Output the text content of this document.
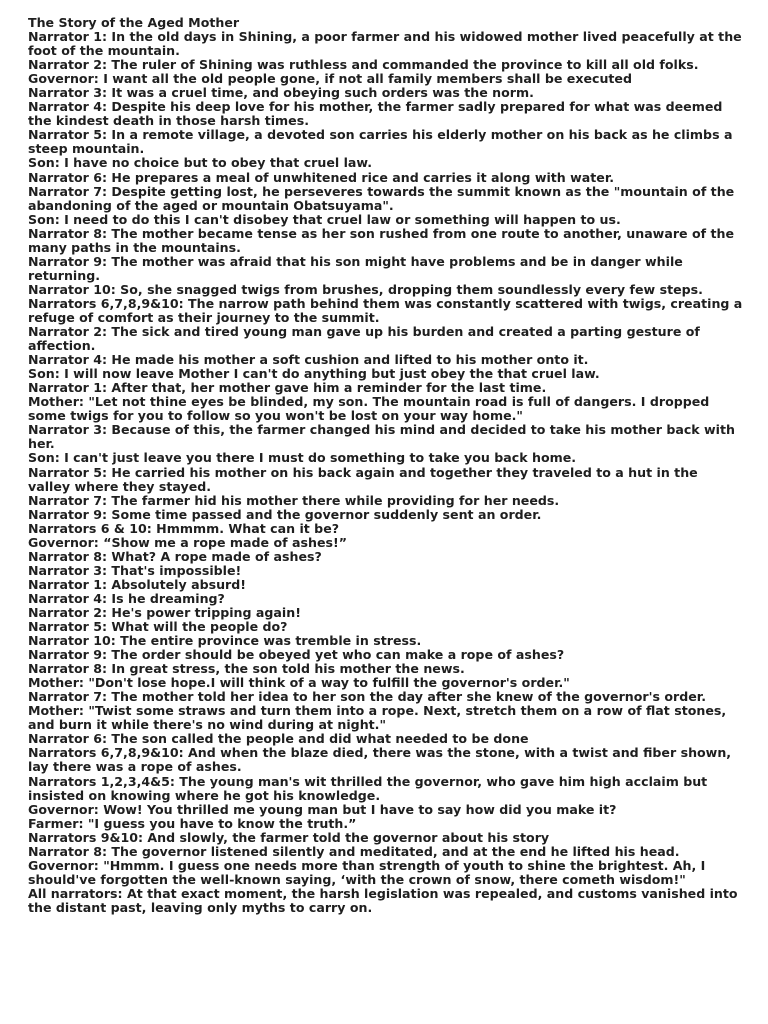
The Story of the Aged Mother

Narrator 1: In the old days in Shining, a poor farmer and his widowed mother lived peacefully at the foot of the mountain.

Narrator 2: The ruler of Shining was ruthless and commanded the province to kill all old folks.

Governor: I want all the old people gone, if not all family members shall be executed

Narrator 3: It was a cruel time, and obeying such orders was the norm.

Narrator 4: Despite his deep love for his mother, the farmer sadly prepared for what was deemed the kindest death in those harsh times.

Narrator 5: In a remote village, a devoted son carries his elderly mother on his back as he climbs a steep mountain.

Son: I have no choice but to obey that cruel law.

Narrator 6: He prepares a meal of unwhitened rice and carries it along with water.

Narrator 7: Despite getting lost, he perseveres towards the summit known as the "mountain of the abandoning of the aged or mountain Obatsuyama".

Son: I need to do this I can't disobey that cruel law or something will happen to us.

Narrator 8: The mother became tense as her son rushed from one route to another, unaware of the many paths in the mountains.

Narrator 9: The mother was afraid that his son might have problems and be in danger while returning.

Narrator 10: So, she snagged twigs from brushes, dropping them soundlessly every few steps.

Narrators 6,7,8,9&10: The narrow path behind them was constantly scattered with twigs, creating a refuge of comfort as their journey to the summit.

Narrator 2: The sick and tired young man gave up his burden and created a parting gesture of affection.

Narrator 4: He made his mother a soft cushion and lifted to his mother onto it.

Son: I will now leave Mother I can't do anything but just obey the that cruel law.

Narrator 1: After that, her mother gave him a reminder for the last time.

Mother: "Let not thine eyes be blinded, my son. The mountain road is full of dangers. I dropped some twigs for you to follow so you won't be lost on your way home."

Narrator 3: Because of this, the farmer changed his mind and decided to take his mother back with her.

Son: I can't just leave you there I must do something to take you back home.

Narrator 5: He carried his mother on his back again and together they traveled to a hut in the valley where they stayed.

Narrator 7: The farmer hid his mother there while providing for her needs.

Narrator 9: Some time passed and the governor suddenly sent an order.

Narrators 6 & 10: Hmmmm. What can it be?

Governor: “Show me a rope made of ashes!”

Narrator 8: What? A rope made of ashes?

Narrator 3: That's impossible!

Narrator 1: Absolutely absurd!

Narrator 4: Is he dreaming?

Narrator 2: He's power tripping again!

Narrator 5: What will the people do?

Narrator 10: The entire province was tremble in stress.

Narrator 9: The order should be obeyed yet who can make a rope of ashes?

Narrator 8: In great stress, the son told his mother the news.

Mother: "Don't lose hope.I will think of a way to fulfill the governor's order."

Narrator 7: The mother told her idea to her son the day after she knew of the governor's order.

Mother: "Twist some straws and turn them into a rope. Next, stretch them on a row of flat stones, and burn it while there's no wind during at night."

Narrator 6: The son called the people and did what needed to be done

Narrators 6,7,8,9&10: And when the blaze died, there was the stone, with a twist and fiber shown, lay there was a rope of ashes.

Narrators 1,2,3,4&5: The young man's wit thrilled the governor, who gave him high acclaim but insisted on knowing where he got his knowledge.

Governor: Wow! You thrilled me young man but I have to say how did you make it?

Farmer: "I guess you have to know the truth.”

Narrators 9&10: And slowly, the farmer told the governor about his story

Narrator 8: The governor listened silently and meditated, and at the end he lifted his head.

Governor: "Hmmm. I guess one needs more than strength of youth to shine the brightest. Ah, I should've forgotten the well-known saying, ‘with the crown of snow, there cometh wisdom!"

All narrators: At that exact moment, the harsh legislation was repealed, and customs vanished into the distant past, leaving only myths to carry on.
